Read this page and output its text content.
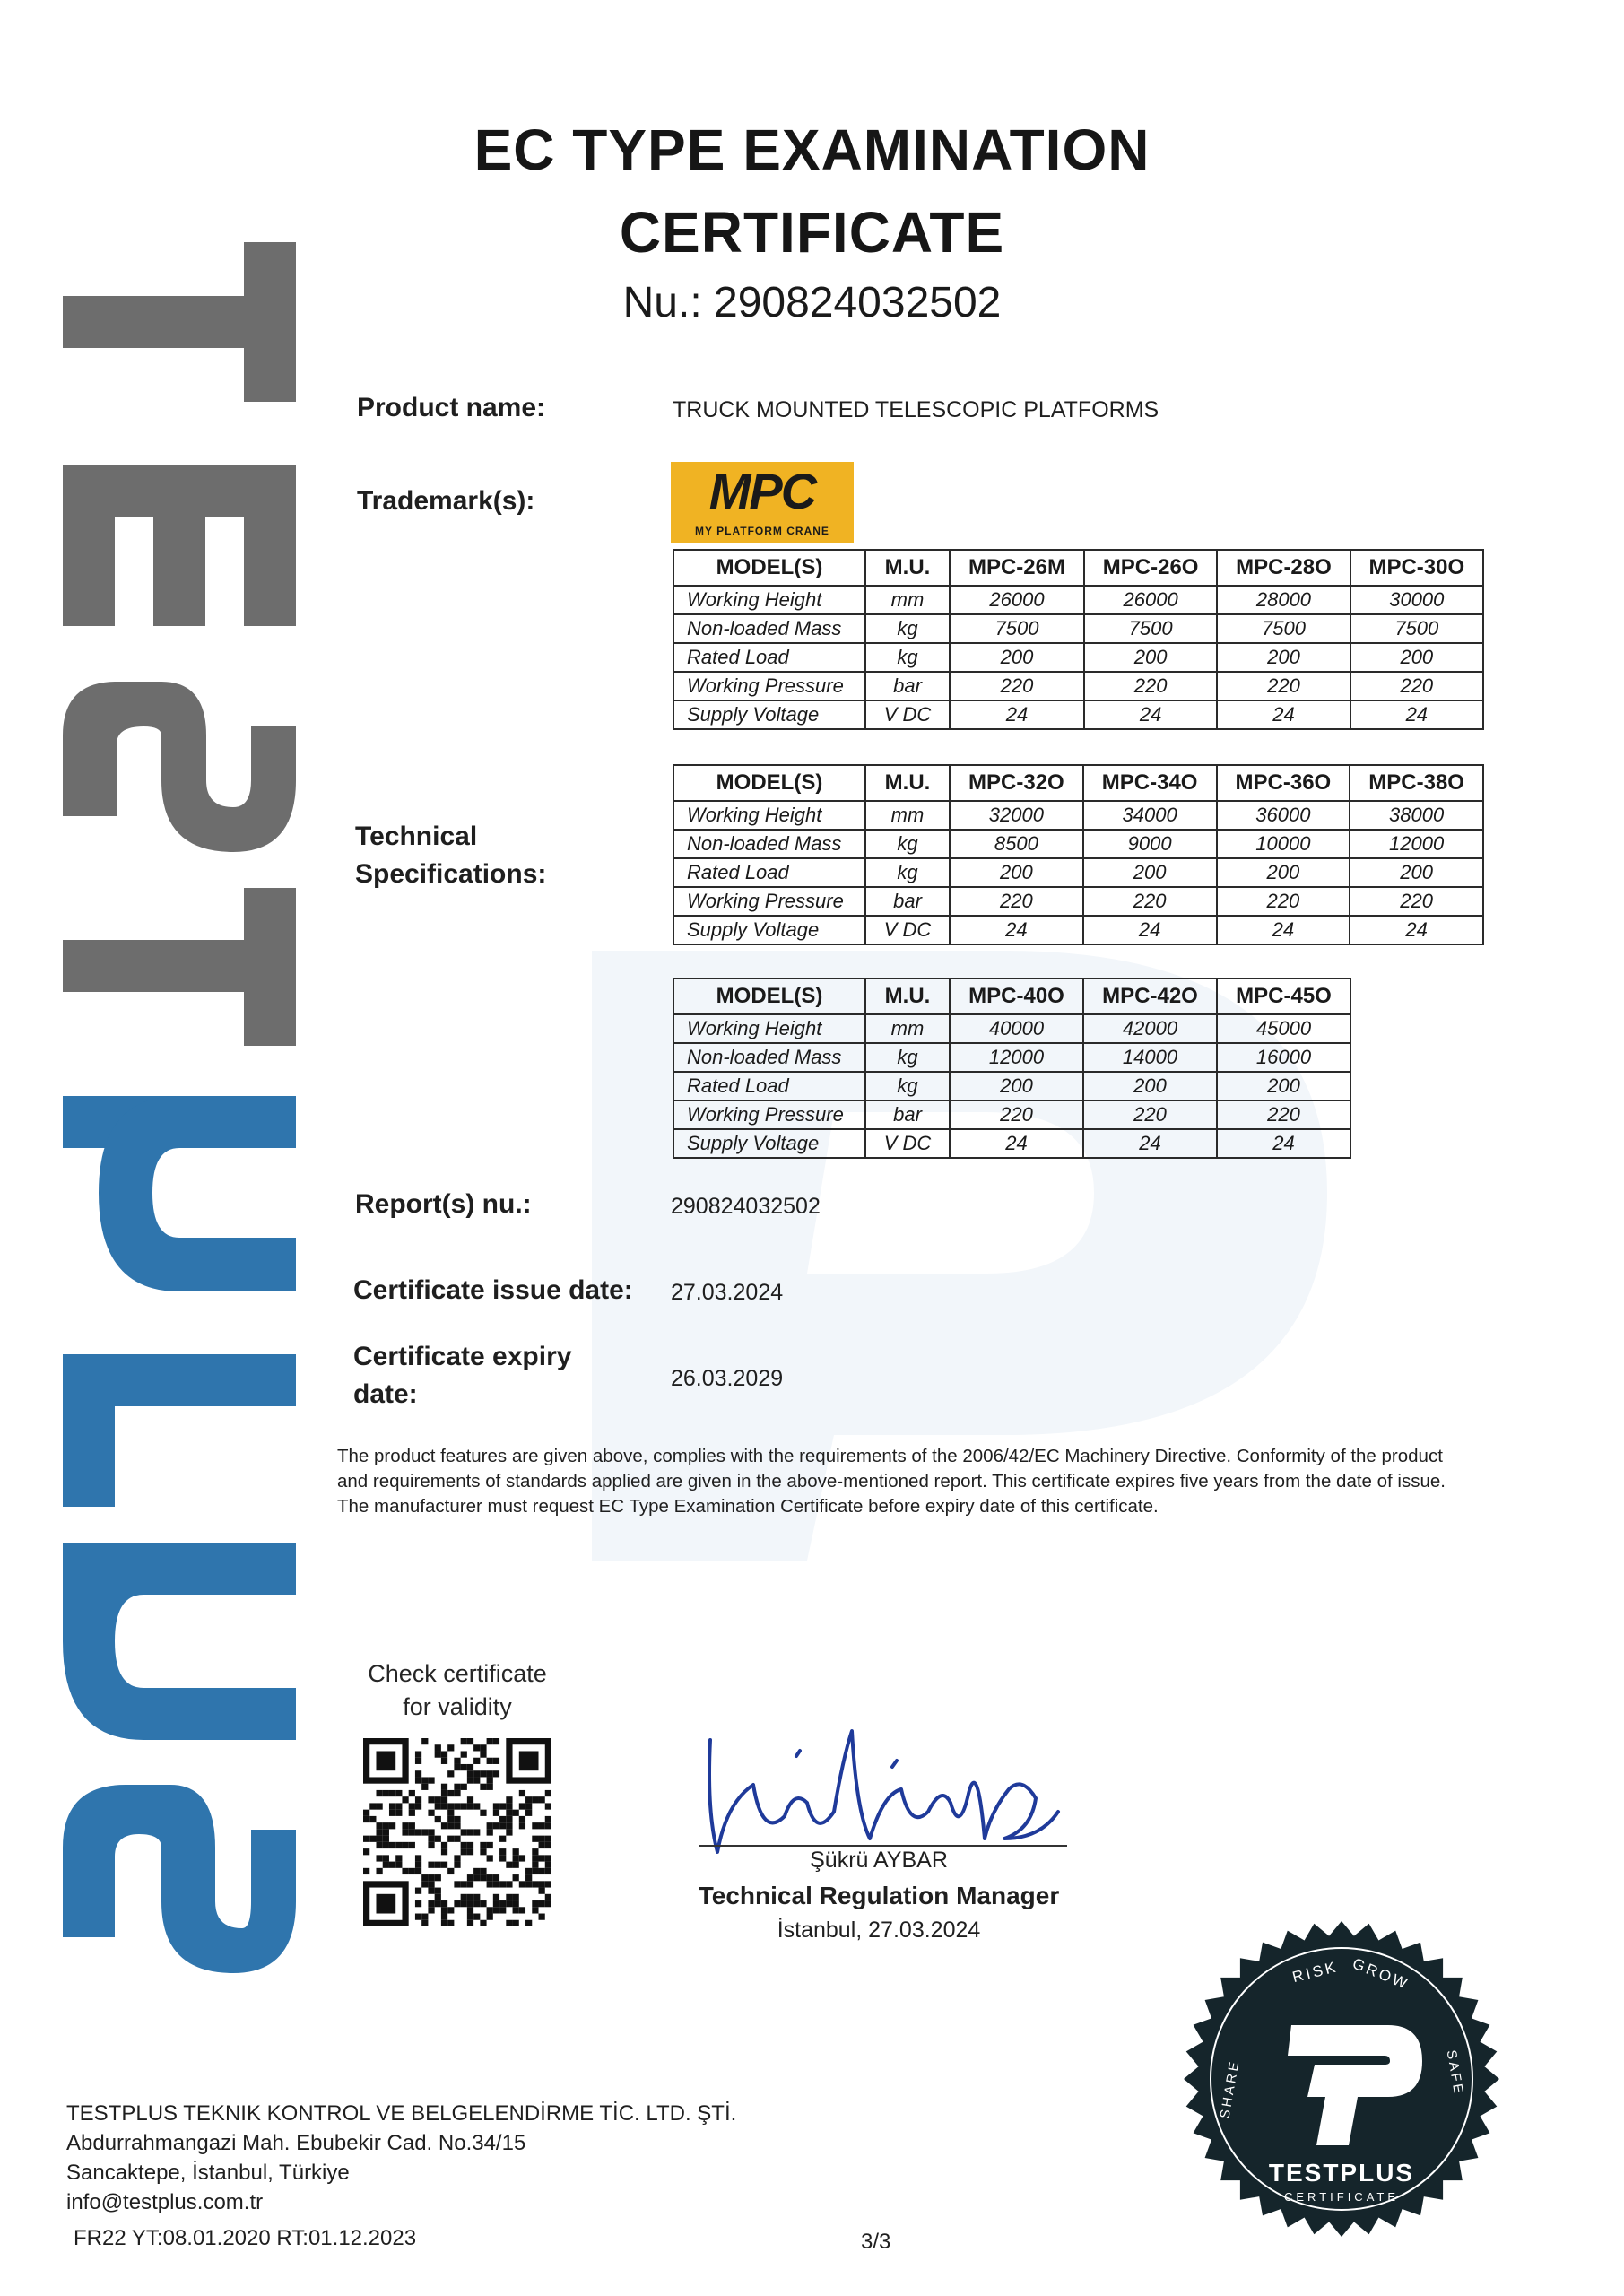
EC TYPE EXAMINATION
CERTIFICATE
Nu.: 290824032502
Product name:	TRUCK MOUNTED TELESCOPIC PLATFORMS
Trademark(s):	MPC
MY PLATFORM CRANE
MODEL(S)	M.U.	MPC-26M	MPC-26O	MPC-28O	MPC-30O
Working Height	mm	26000	26000	28000	30000
Non-loaded Mass	kg	7500	7500	7500	7500
Rated Load	kg	200	200	200	200
Working Pressure	bar	220	220	220	220
Supply Voltage	V DC	24	24	24	24
MODEL(S)	M.U.	MPC-32O	MPC-34O	MPC-36O	MPC-38O
Working Height	mm	32000	34000	36000	38000
Non-loaded Mass	kg	8500	9000	10000	12000
Rated Load	kg	200	200	200	200
Working Pressure	bar	220	220	220	220
Supply Voltage	V DC	24	24	24	24
MODEL(S)	M.U.	MPC-40O	MPC-42O	MPC-45O
Working Height	mm	40000	42000	45000
Non-loaded Mass	kg	12000	14000	16000
Rated Load	kg	200	200	200
Working Pressure	bar	220	220	220
Supply Voltage	V DC	24	24	24
Technical
Specifications:
Report(s) nu.:	290824032502
Certificate issue date: 27.03.2024
Certificate expiry
date:
26.03.2029
The product features are given above, complies with the requirements of the 2006/42/EC Machinery Directive. Conformity of the product and requirements of standards applied are given in the above-mentioned report. This certificate expires five years from the date of issue. The manufacturer must request EC Type Examination Certificate before expiry date of this certificate.
Check certificate
for validity
Şükrü AYBAR
Technical Regulation Manager
İstanbul, 27.03.2024
TESTPLUS
CERTIFICATE
RISK GROW
SHARE	SAFE
TESTPLUS TEKNIK KONTROL VE BELGELENDİRME TİC. LTD. ŞTİ.
Abdurrahmangazi Mah. Ebubekir Cad. No.34/15
Sancaktepe, İstanbul, Türkiye
info@testplus.com.tr
FR22 YT:08.01.2020 RT:01.12.2023	3/3
